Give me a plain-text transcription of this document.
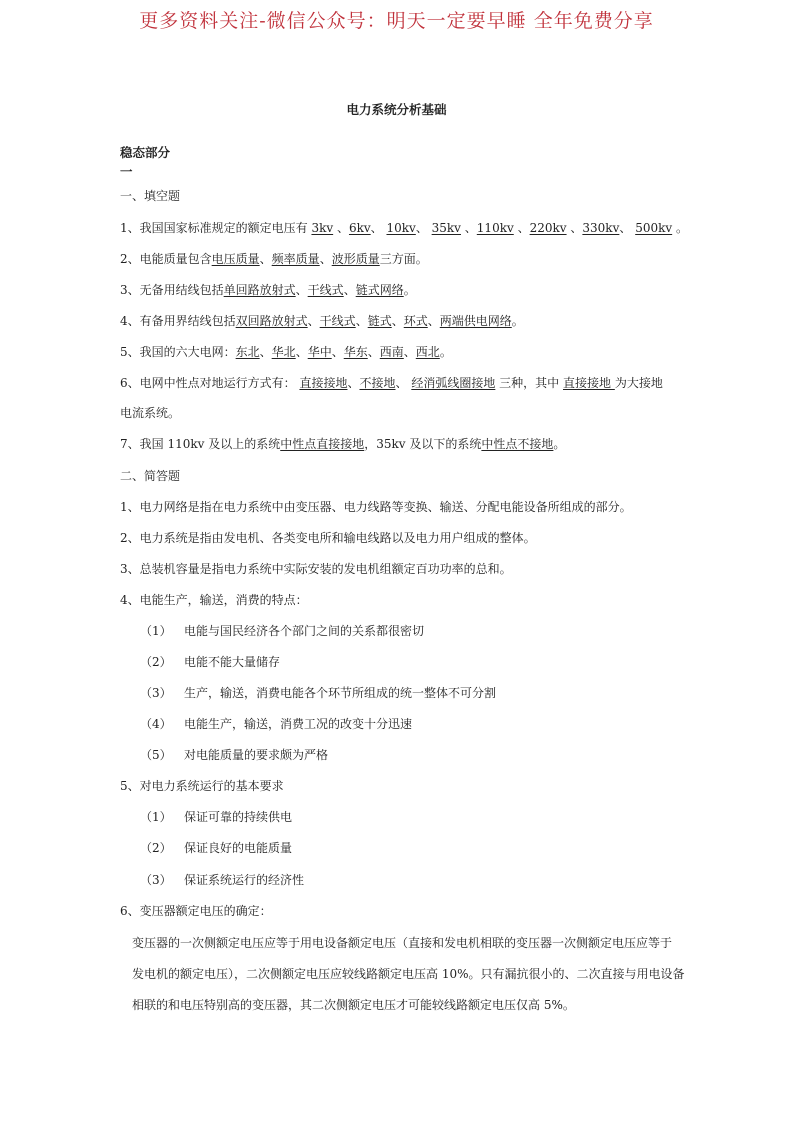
更多资料关注-微信公众号：明天一定要早睡 全年免费分享
电力系统分析基础
稳态部分
一
一、填空题
1、我国国家标准规定的额定电压有 3kv 、6kv、 10kv、 35kv 、110kv 、220kv 、330kv、 500kv 。
2、电能质量包含电压质量、频率质量、波形质量三方面。
3、无备用结线包括单回路放射式、干线式、链式网络。
4、有备用界结线包括双回路放射式、干线式、链式、环式、两端供电网络。
5、我国的六大电网：东北、华北、华中、华东、西南、西北。
6、电网中性点对地运行方式有： 直接接地、不接地、 经消弧线圈接地 三种，其中 直接接地 为大接地
电流系统。
7、我国 110kv 及以上的系统中性点直接接地，35kv 及以下的系统中性点不接地。
二、简答题
1、电力网络是指在电力系统中由变压器、电力线路等变换、输送、分配电能设备所组成的部分。
2、电力系统是指由发电机、各类变电所和输电线路以及电力用户组成的整体。
3、总装机容量是指电力系统中实际安装的发电机组额定百功功率的总和。
4、电能生产，输送，消费的特点：
（1） 电能与国民经济各个部门之间的关系都很密切
（2） 电能不能大量储存
（3） 生产，输送，消费电能各个环节所组成的统一整体不可分割
（4） 电能生产，输送，消费工况的改变十分迅速
（5） 对电能质量的要求颇为严格
5、对电力系统运行的基本要求
（1） 保证可靠的持续供电
（2） 保证良好的电能质量
（3） 保证系统运行的经济性
6、变压器额定电压的确定：
变压器的一次侧额定电压应等于用电设备额定电压（直接和发电机相联的变压器一次侧额定电压应等于
发电机的额定电压），二次侧额定电压应较线路额定电压高 10%。只有漏抗很小的、二次直接与用电设备
相联的和电压特别高的变压器，其二次侧额定电压才可能较线路额定电压仅高 5%。
